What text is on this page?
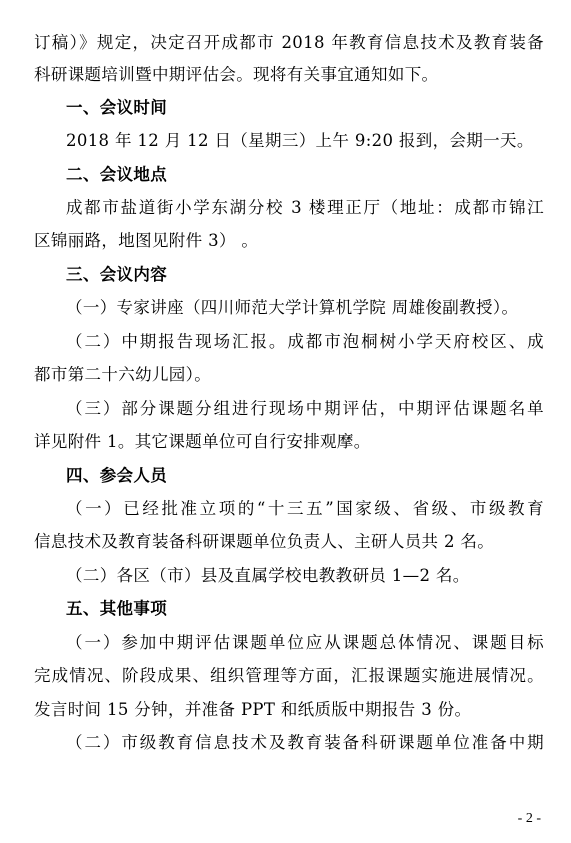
订稿）》规定，决定召开成都市 2018 年教育信息技术及教育装备
科研课题培训暨中期评估会。现将有关事宜通知如下。
一、会议时间
2018 年 12 月 12 日（星期三）上午 9:20 报到，会期一天。
二、会议地点
成都市盐道街小学东湖分校 3 楼理正厅（地址：成都市锦江
区锦丽路，地图见附件 3） 。
三、会议内容
（一）专家讲座（四川师范大学计算机学院 周雄俊副教授）。
（二）中期报告现场汇报。成都市泡桐树小学天府校区、成
都市第二十六幼儿园）。
（三）部分课题分组进行现场中期评估，中期评估课题名单
详见附件 1。其它课题单位可自行安排观摩。
四、参会人员
（一）已经批准立项的“十三五”国家级、省级、市级教育
信息技术及教育装备科研课题单位负责人、主研人员共 2 名。
（二）各区（市）县及直属学校电教教研员 1—2 名。
五、其他事项
（一）参加中期评估课题单位应从课题总体情况、课题目标
完成情况、阶段成果、组织管理等方面，汇报课题实施进展情况。
发言时间 15 分钟，并准备 PPT 和纸质版中期报告 3 份。
（二）市级教育信息技术及教育装备科研课题单位准备中期
- 2 -
